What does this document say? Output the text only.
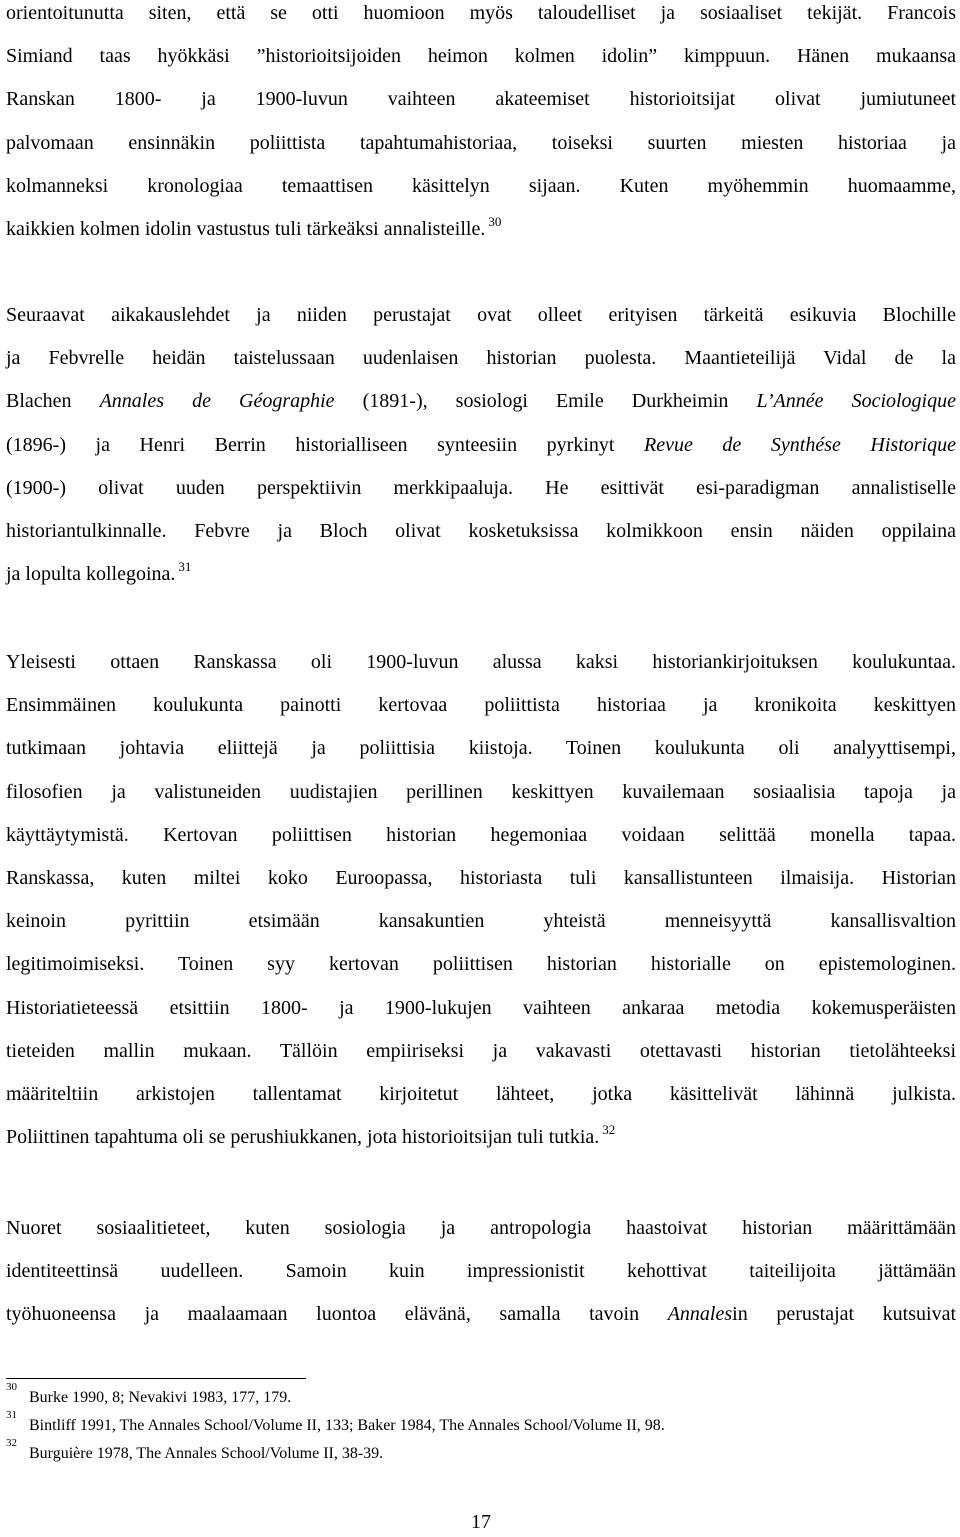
orientoitunutta siten, että se otti huomioon myös taloudelliset ja sosiaaliset tekijät. Francois
Simiand taas hyökkäsi ”historioitsijoiden heimon kolmen idolin” kimppuun. Hänen mukaansa
Ranskan 1800- ja 1900-luvun vaihteen akateemiset historioitsijat olivat jumiutuneet
palvomaan ensinnäkin poliittista tapahtumahistoriaa, toiseksi suurten miesten historiaa ja
kolmanneksi kronologiaa temaattisen käsittelyn sijaan. Kuten myöhemmin huomaamme,
kaikkien kolmen idolin vastustus tuli tärkeäksi annalisteille. $^{30}$
Seuraavat aikakauslehdet ja niiden perustajat ovat olleet erityisen tärkeitä esikuvia Blochille
ja Febvrelle heidän taistelussaan uudenlaisen historian puolesta. Maantieteilijä Vidal de la
Blachen Annales de Géographie (1891-), sosiologi Emile Durkheimin L’Année Sociologique
(1896-) ja Henri Berrin historialliseen synteesiin pyrkinyt Revue de Synthése Historique
(1900-) olivat uuden perspektiivin merkkipaaluja. He esittivät esi-paradigman annalistiselle
historiantulkinnalle. Febvre ja Bloch olivat kosketuksissa kolmikkoon ensin näiden oppilaina
ja lopulta kollegoina. $^{31}$
Yleisesti ottaen Ranskassa oli 1900-luvun alussa kaksi historiankirjoituksen koulukuntaa.
Ensimmäinen koulukunta painotti kertovaa poliittista historiaa ja kronikoita keskittyen
tutkimaan johtavia eliittejä ja poliittisia kiistoja. Toinen koulukunta oli analyyttisempi,
filosofien ja valistuneiden uudistajien perillinen keskittyen kuvailemaan sosiaalisia tapoja ja
käyttäytymistä. Kertovan poliittisen historian hegemoniaa voidaan selittää monella tapaa.
Ranskassa, kuten miltei koko Euroopassa, historiasta tuli kansallistunteen ilmaisija. Historian
keinoin pyrittiin etsimään kansakuntien yhteistä menneisyyttä kansallisvaltion
legitimoimiseksi. Toinen syy kertovan poliittisen historian historialle on epistemologinen.
Historiatieteessä etsittiin 1800- ja 1900-lukujen vaihteen ankaraa metodia kokemusperäisten
tieteiden mallin mukaan. Tällöin empiiriseksi ja vakavasti otettavasti historian tietolähteeksi
määriteltiin arkistojen tallentamat kirjoitetut lähteet, jotka käsittelivät lähinnä julkista.
Poliittinen tapahtuma oli se perushiukkanen, jota historioitsijan tuli tutkia. $^{32}$
Nuoret sosiaalitieteet, kuten sosiologia ja antropologia haastoivat historian määrittämään
identiteettinsä uudelleen. Samoin kuin impressionistit kehottivat taiteilijoita jättämään
työhuoneensa ja maalaamaan luontoa elävänä, samalla tavoin Annalesin perustajat kutsuivat
30
Burke 1990, 8; Nevakivi 1983, 177, 179.
31
Bintliff 1991, The Annales School/Volume II, 133; Baker 1984, The Annales School/Volume II, 98.
32
Burguière 1978, The Annales School/Volume II, 38-39.
17
